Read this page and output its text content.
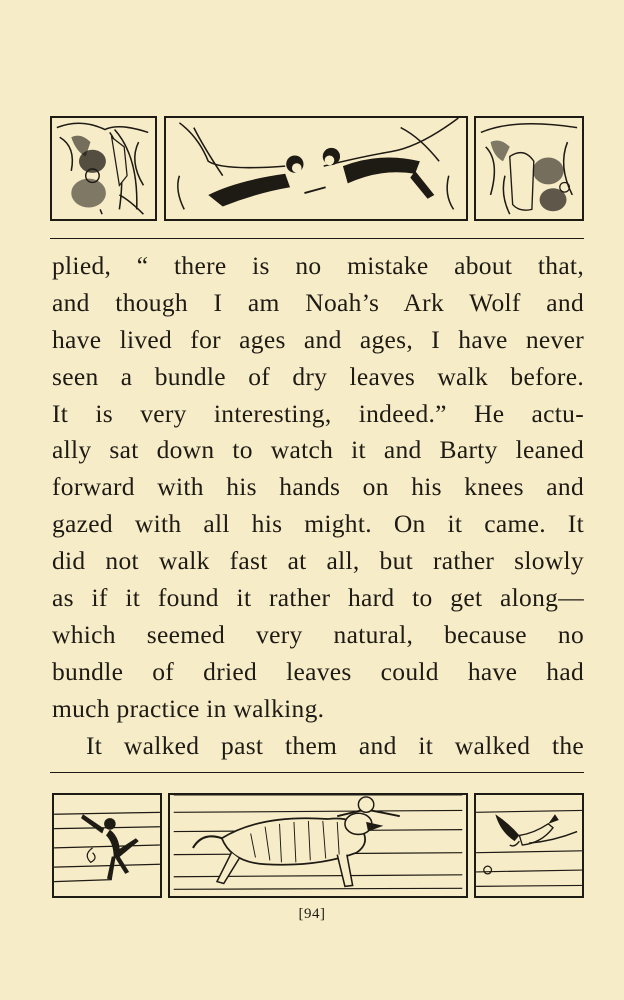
plied, “ there is no mistake about that,
and though I am Noah’s Ark Wolf and
have lived for ages and ages, I have never
seen a bundle of dry leaves walk before.
It is very interesting, indeed.” He actu-
ally sat down to watch it and Barty leaned
forward with his hands on his knees and
gazed with all his might. On it came. It
did not walk fast at all, but rather slowly
as if it found it rather hard to get along—
which seemed very natural, because no
bundle of dried leaves could have had
much practice in walking.
It walked past them and it walked the
[94]
